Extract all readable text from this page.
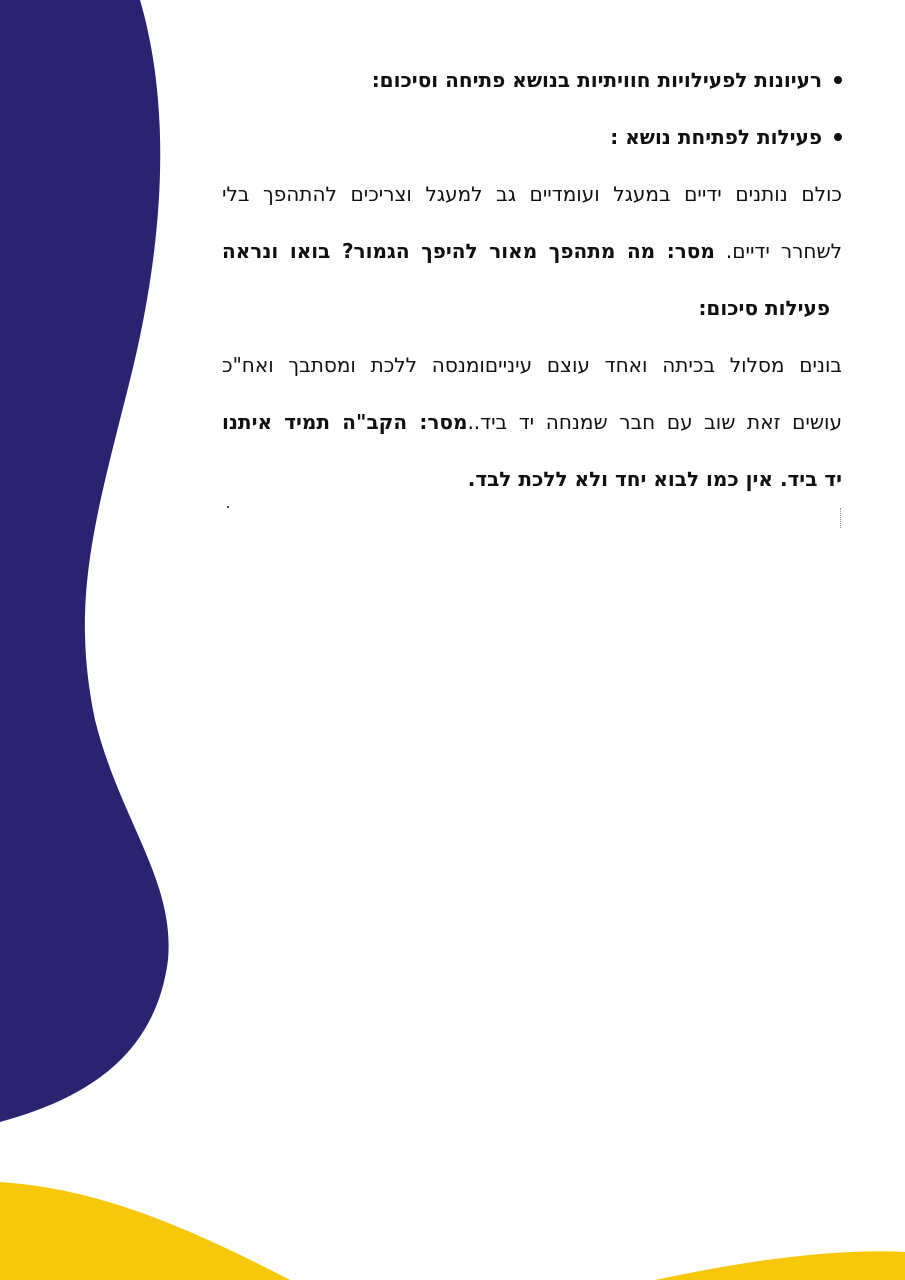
רעיונות לפעילויות חוויתיות בנושא פתיחה וסיכום:
פעילות לפתיחת נושא :
כולם נותנים ידיים במעגל ועומדיים גב למעגל וצריכים להתהפך בלי
לשחרר ידיים. מסר: מה מתהפך מאור להיפך הגמור? בואו ונראה
פעילות סיכום:
בונים מסלול בכיתה ואחד עוצם עינייםומנסה ללכת ומסתבך ואח"כ
עושים זאת שוב עם חבר שמנחה יד ביד..מסר: הקב"ה תמיד איתנו
יד ביד. אין כמו לבוא יחד ולא ללכת לבד.
